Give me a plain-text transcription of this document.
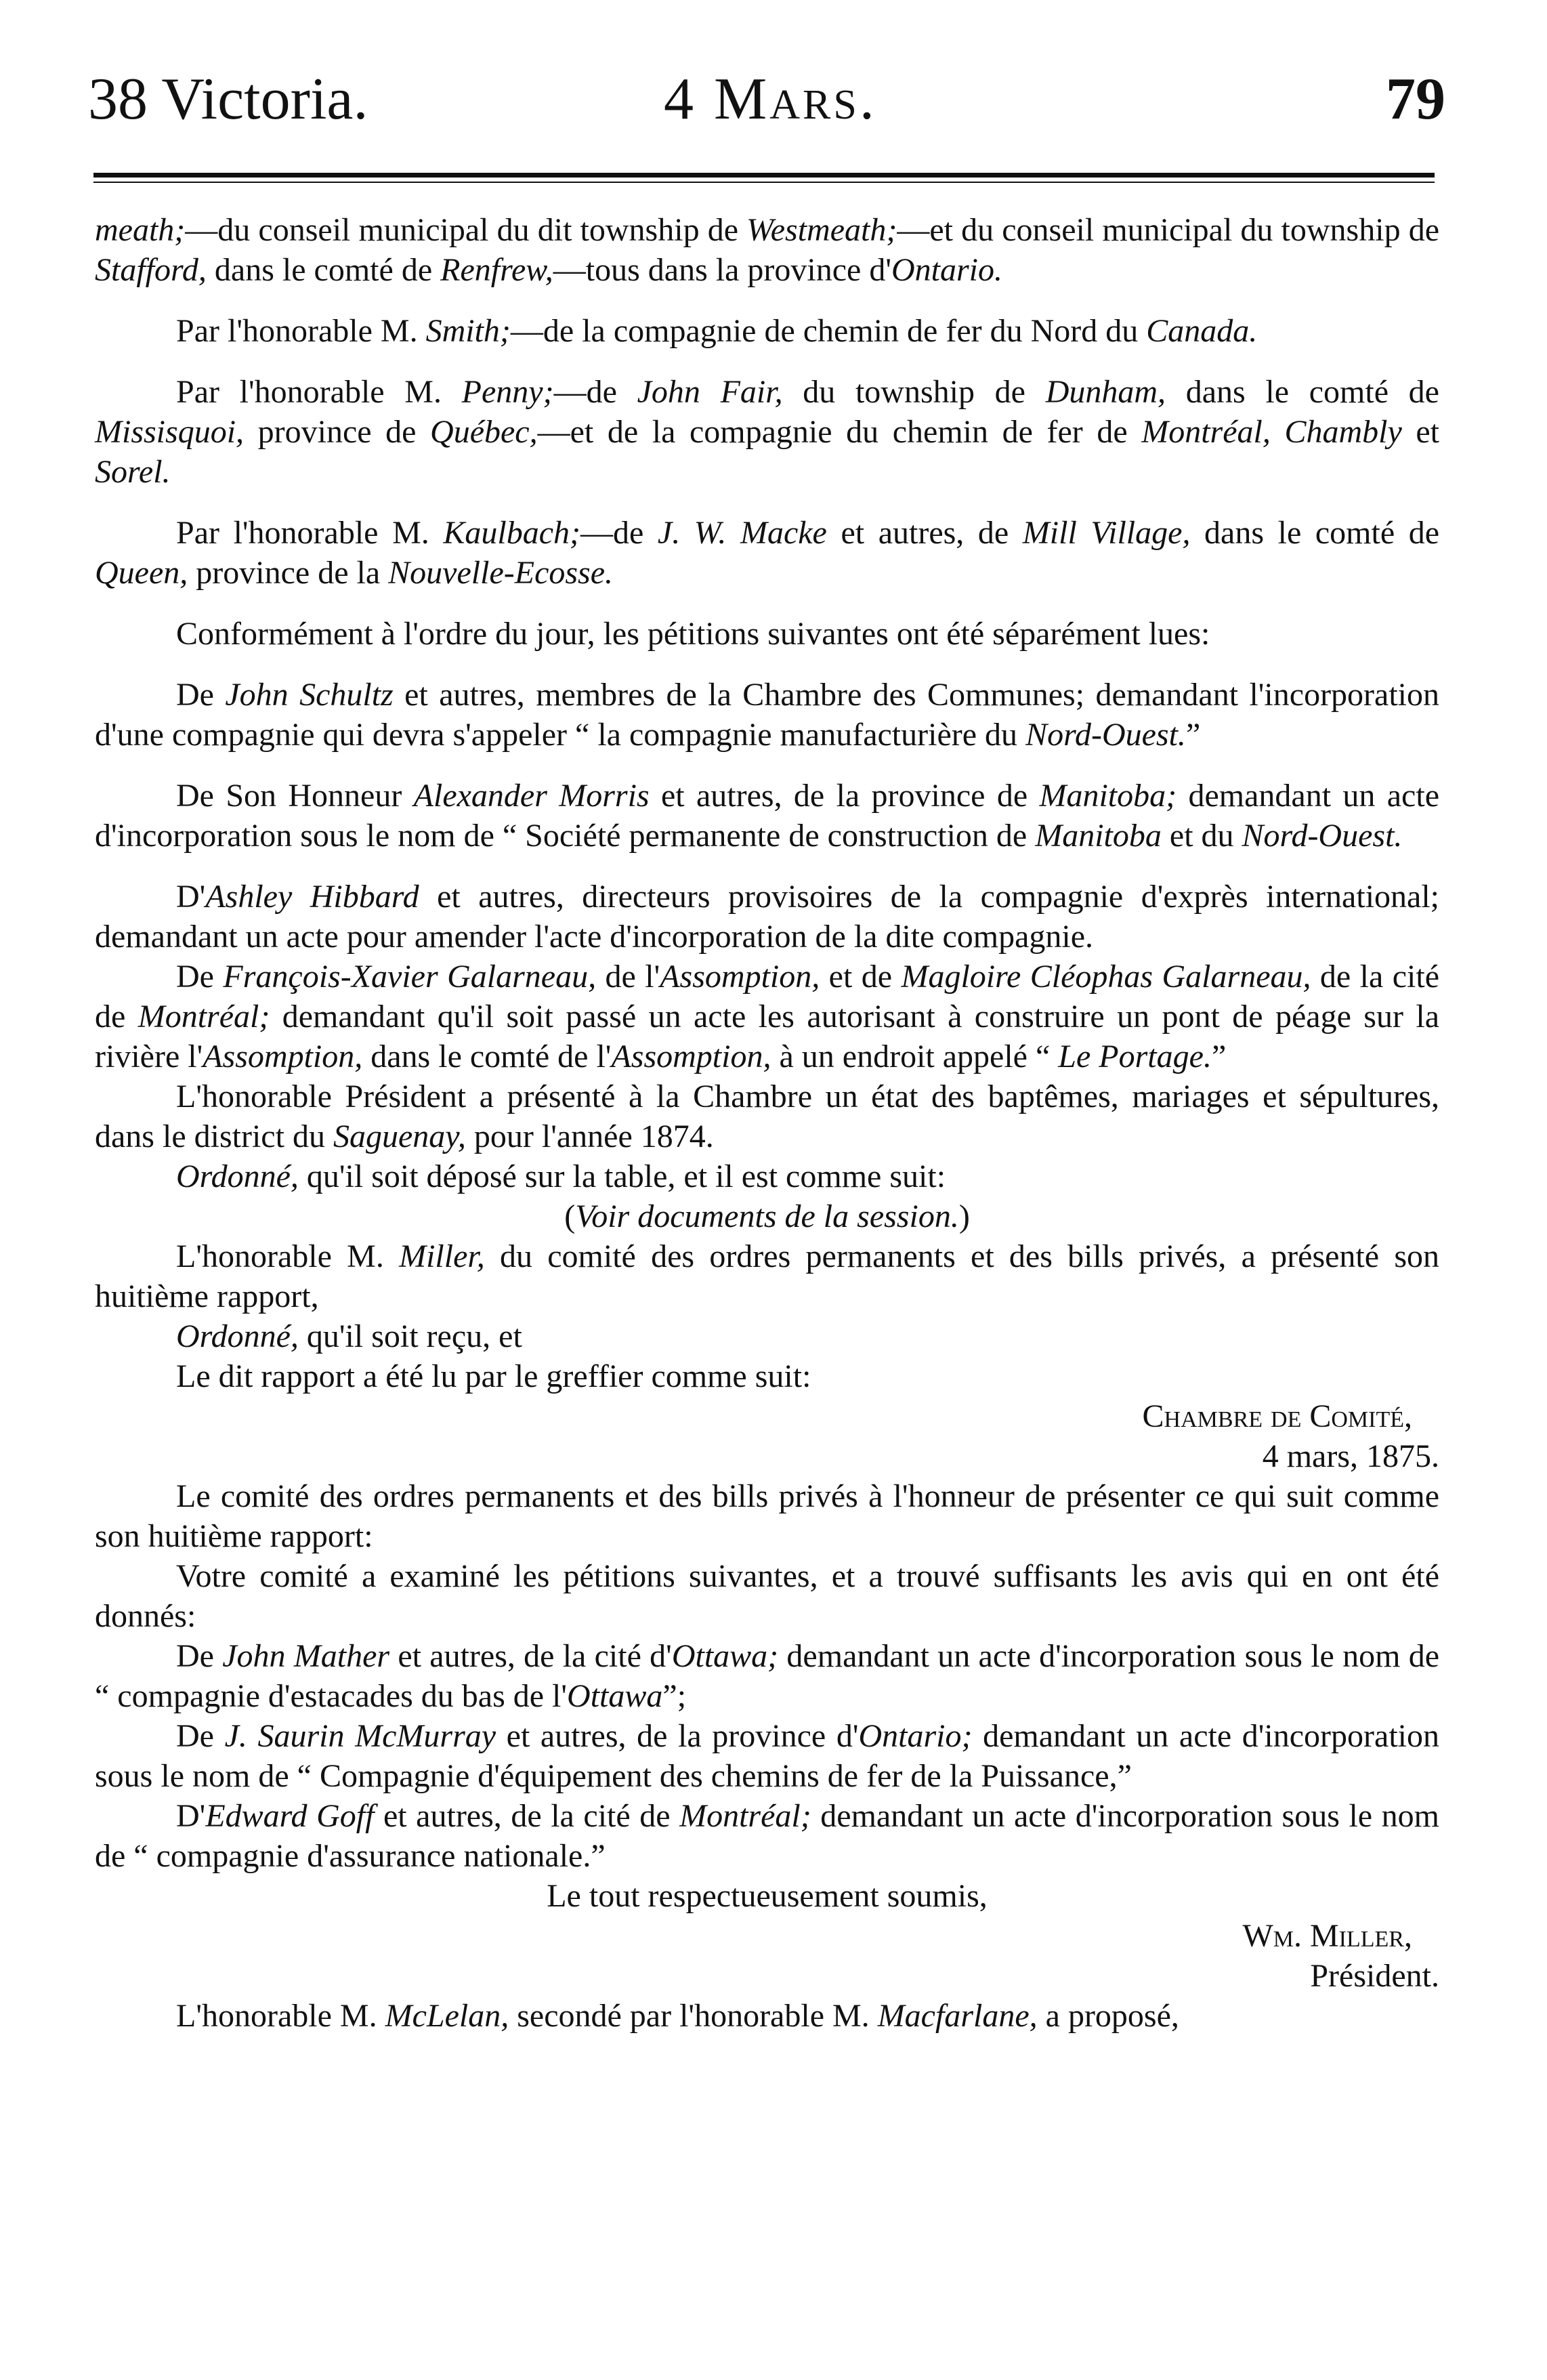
38 Victoria.	4 Mars.	79

meath;—du conseil municipal du dit township de Westmeath;—et du conseil municipal du township de Stafford, dans le comté de Renfrew,—tous dans la province d'Ontario.

Par l'honorable M. Smith;—de la compagnie de chemin de fer du Nord du Canada.

Par l'honorable M. Penny;—de John Fair, du township de Dunham, dans le comté de Missisquoi, province de Québec,—et de la compagnie du chemin de fer de Montréal, Chambly et Sorel.

Par l'honorable M. Kaulbach;—de J. W. Macke et autres, de Mill Village, dans le comté de Queen, province de la Nouvelle-Ecosse.

Conformément à l'ordre du jour, les pétitions suivantes ont été séparément lues:

De John Schultz et autres, membres de la Chambre des Communes; demandant l'incorporation d'une compagnie qui devra s'appeler “ la compagnie manufacturière du Nord-Ouest.”

De Son Honneur Alexander Morris et autres, de la province de Manitoba; demandant un acte d'incorporation sous le nom de “ Société permanente de construction de Manitoba et du Nord-Ouest.

D'Ashley Hibbard et autres, directeurs provisoires de la compagnie d'exprès international; demandant un acte pour amender l'acte d'incorporation de la dite compagnie.

De François-Xavier Galarneau, de l'Assomption, et de Magloire Cléophas Galarneau, de la cité de Montréal; demandant qu'il soit passé un acte les autorisant à construire un pont de péage sur la rivière l'Assomption, dans le comté de l'Assomption, à un endroit appelé “ Le Portage.”

L'honorable Président a présenté à la Chambre un état des baptêmes, mariages et sépultures, dans le district du Saguenay, pour l'année 1874.

Ordonné, qu'il soit déposé sur la table, et il est comme suit:

(Voir documents de la session.)

L'honorable M. Miller, du comité des ordres permanents et des bills privés, a présenté son huitième rapport,

Ordonné, qu'il soit reçu, et

Le dit rapport a été lu par le greffier comme suit:

Chambre de Comité,

4 mars, 1875.

Le comité des ordres permanents et des bills privés à l'honneur de présenter ce qui suit comme son huitième rapport:

Votre comité a examiné les pétitions suivantes, et a trouvé suffisants les avis qui en ont été donnés:

De John Mather et autres, de la cité d'Ottawa; demandant un acte d'incorporation sous le nom de “ compagnie d'estacades du bas de l'Ottawa”;

De J. Saurin McMurray et autres, de la province d'Ontario; demandant un acte d'incorporation sous le nom de “ Compagnie d'équipement des chemins de fer de la Puissance,”

D'Edward Goff et autres, de la cité de Montréal; demandant un acte d'incorporation sous le nom de “ compagnie d'assurance nationale.”

Le tout respectueusement soumis,

Wm. Miller,

Président.

L'honorable M. McLelan, secondé par l'honorable M. Macfarlane, a proposé,
